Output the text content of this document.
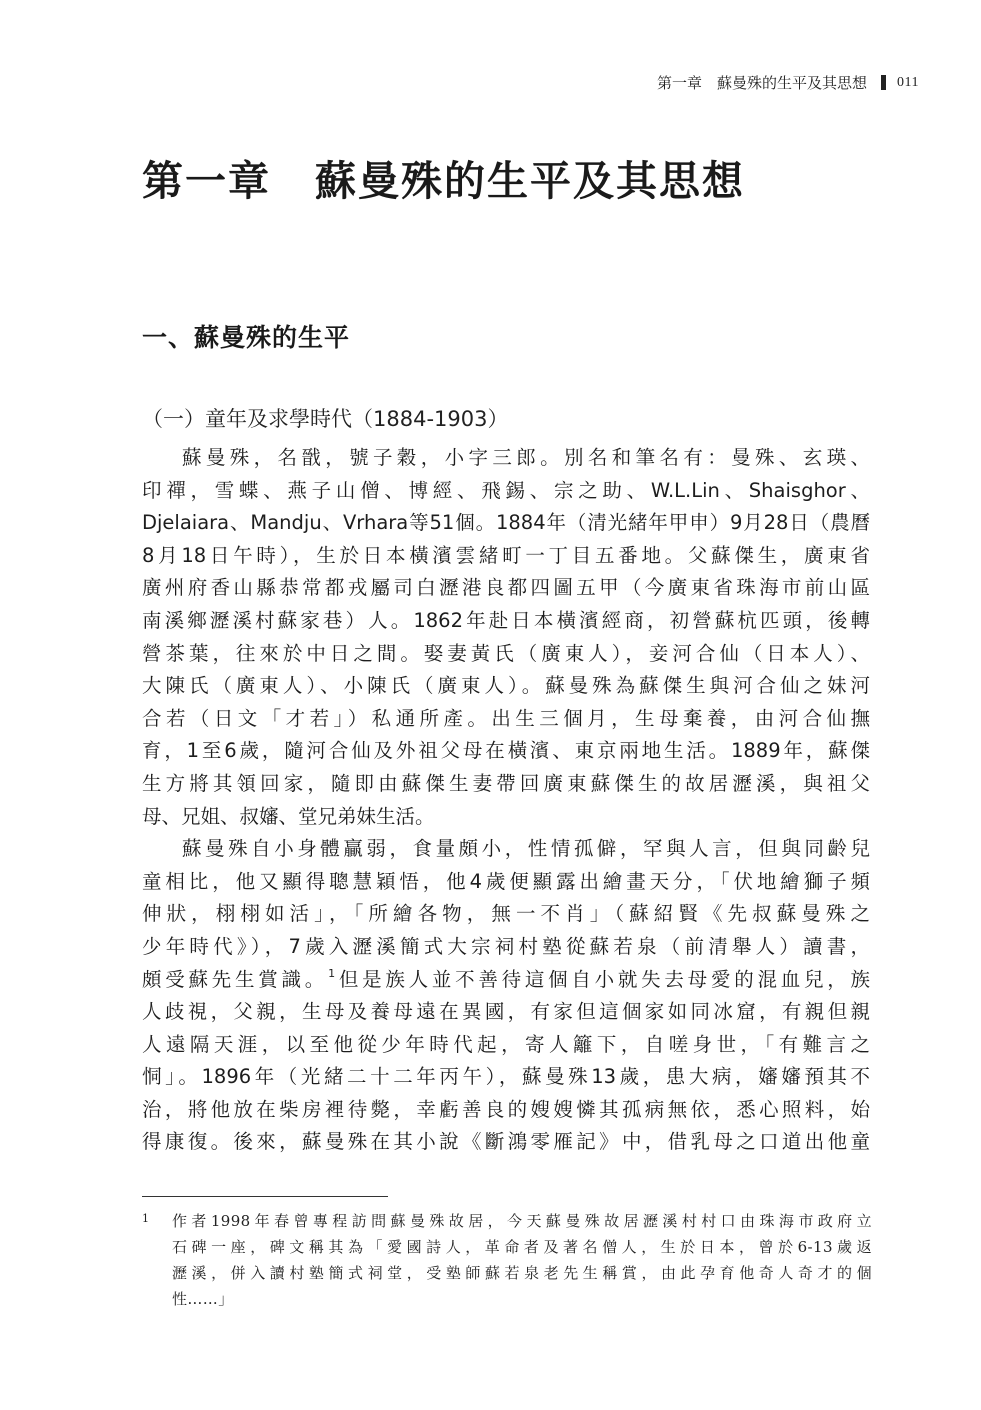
第一章　蘇曼殊的生平及其思想 011
第一章 蘇曼殊的生平及其思想
一、蘇曼殊的生平
（一）童年及求學時代（1884-1903）
蘇曼殊，名戩，號子穀，小字三郎。別名和筆名有：曼殊、玄瑛、
印禪，雪蝶、燕子山僧、博經、飛錫、宗之助、W.L.Lin、Shaisghor、
Djelaiara、Mandju、Vrhara等51個。1884年（清光緒年甲申）9月28日（農曆
8月18日午時），生於日本橫濱雲緒町一丁目五番地。父蘇傑生，廣東省
廣州府香山縣恭常都戎屬司白瀝港良都四圖五甲（今廣東省珠海市前山區
南溪鄉瀝溪村蘇家巷）人。1862年赴日本橫濱經商，初營蘇杭匹頭，後轉
營茶葉，往來於中日之間。娶妻黃氏（廣東人），妾河合仙（日本人）、
大陳氏（廣東人）、小陳氏（廣東人）。蘇曼殊為蘇傑生與河合仙之妹河
合若（日文「才若」）私通所產。出生三個月，生母棄養，由河合仙撫
育，1至6歲，隨河合仙及外祖父母在橫濱、東京兩地生活。1889年，蘇傑
生方將其領回家，隨即由蘇傑生妻帶回廣東蘇傑生的故居瀝溪，與祖父
母、兄姐、叔嬸、堂兄弟妹生活。
蘇曼殊自小身體贏弱，食量頗小，性情孤僻，罕與人言，但與同齡兒
童相比，他又顯得聰慧穎悟，他4歲便顯露出繪畫天分，「伏地繪獅子頻
伸狀，栩栩如活」，「所繪各物，無一不肖」（蘇紹賢《先叔蘇曼殊之
少年時代》），7歲入瀝溪簡式大宗祠村塾從蘇若泉（前清舉人）讀書，
頗受蘇先生賞識。$^1$但是族人並不善待這個自小就失去母愛的混血兒，族
人歧視，父親，生母及養母遠在異國，有家但這個家如同冰窟，有親但親
人遠隔天涯，以至他從少年時代起，寄人籬下，自嗟身世，「有難言之
恫」。1896年（光緒二十二年丙午），蘇曼殊13歲，患大病，嬸嬸預其不
治，將他放在柴房裡待斃，幸虧善良的嫂嫂憐其孤病無依，悉心照料，始
得康復。後來，蘇曼殊在其小說《斷鴻零雁記》中，借乳母之口道出他童
1 作者1998年春曾專程訪問蘇曼殊故居，今天蘇曼殊故居瀝溪村村口由珠海市政府立
石碑一座，碑文稱其為「愛國詩人，革命者及著名僧人，生於日本，曾於6-13歲返
瀝溪，併入讀村塾簡式祠堂，受塾師蘇若泉老先生稱賞，由此孕育他奇人奇才的個
性……」
